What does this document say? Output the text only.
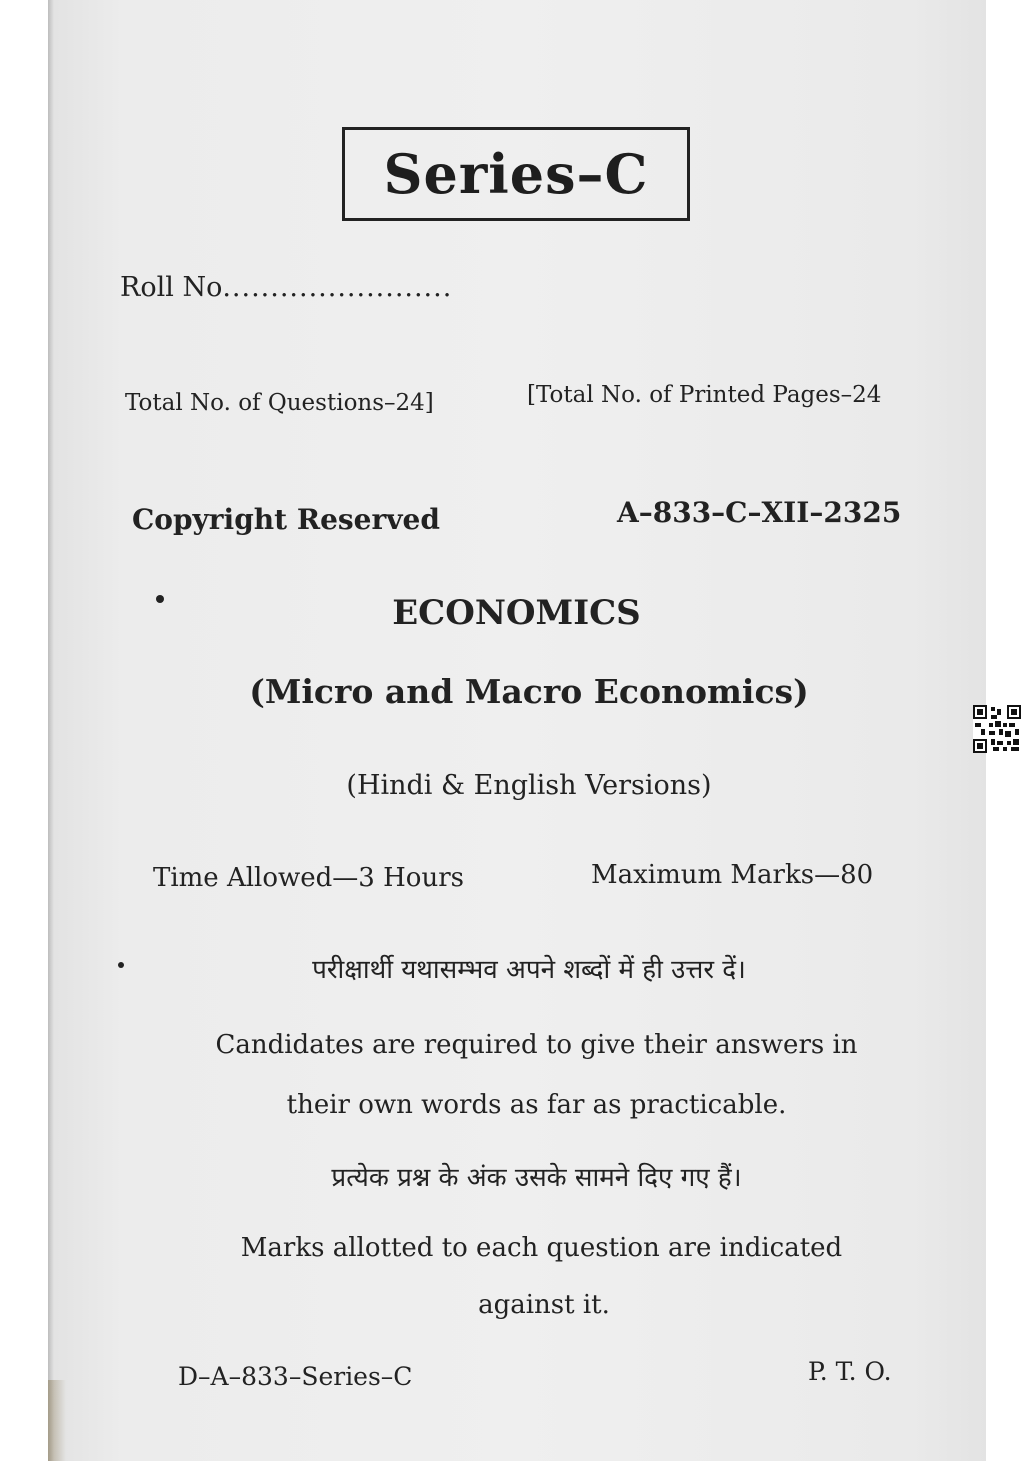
Series–C
Roll No........................
Total No. of Questions–24]	[Total No. of Printed Pages–24
Copyright Reserved	A–833–C–XII–2325
ECONOMICS
(Micro and Macro Economics)
(Hindi & English Versions)
Time Allowed—3 Hours	Maximum Marks—80
परीक्षार्थी यथासम्भव अपने शब्दों में ही उत्तर दें।
Candidates are required to give their answers in
their own words as far as practicable.
प्रत्येक प्रश्न के अंक उसके सामने दिए गए हैं।
Marks allotted to each question are indicated
against it.
D–A–833–Series–C	P. T. O.
